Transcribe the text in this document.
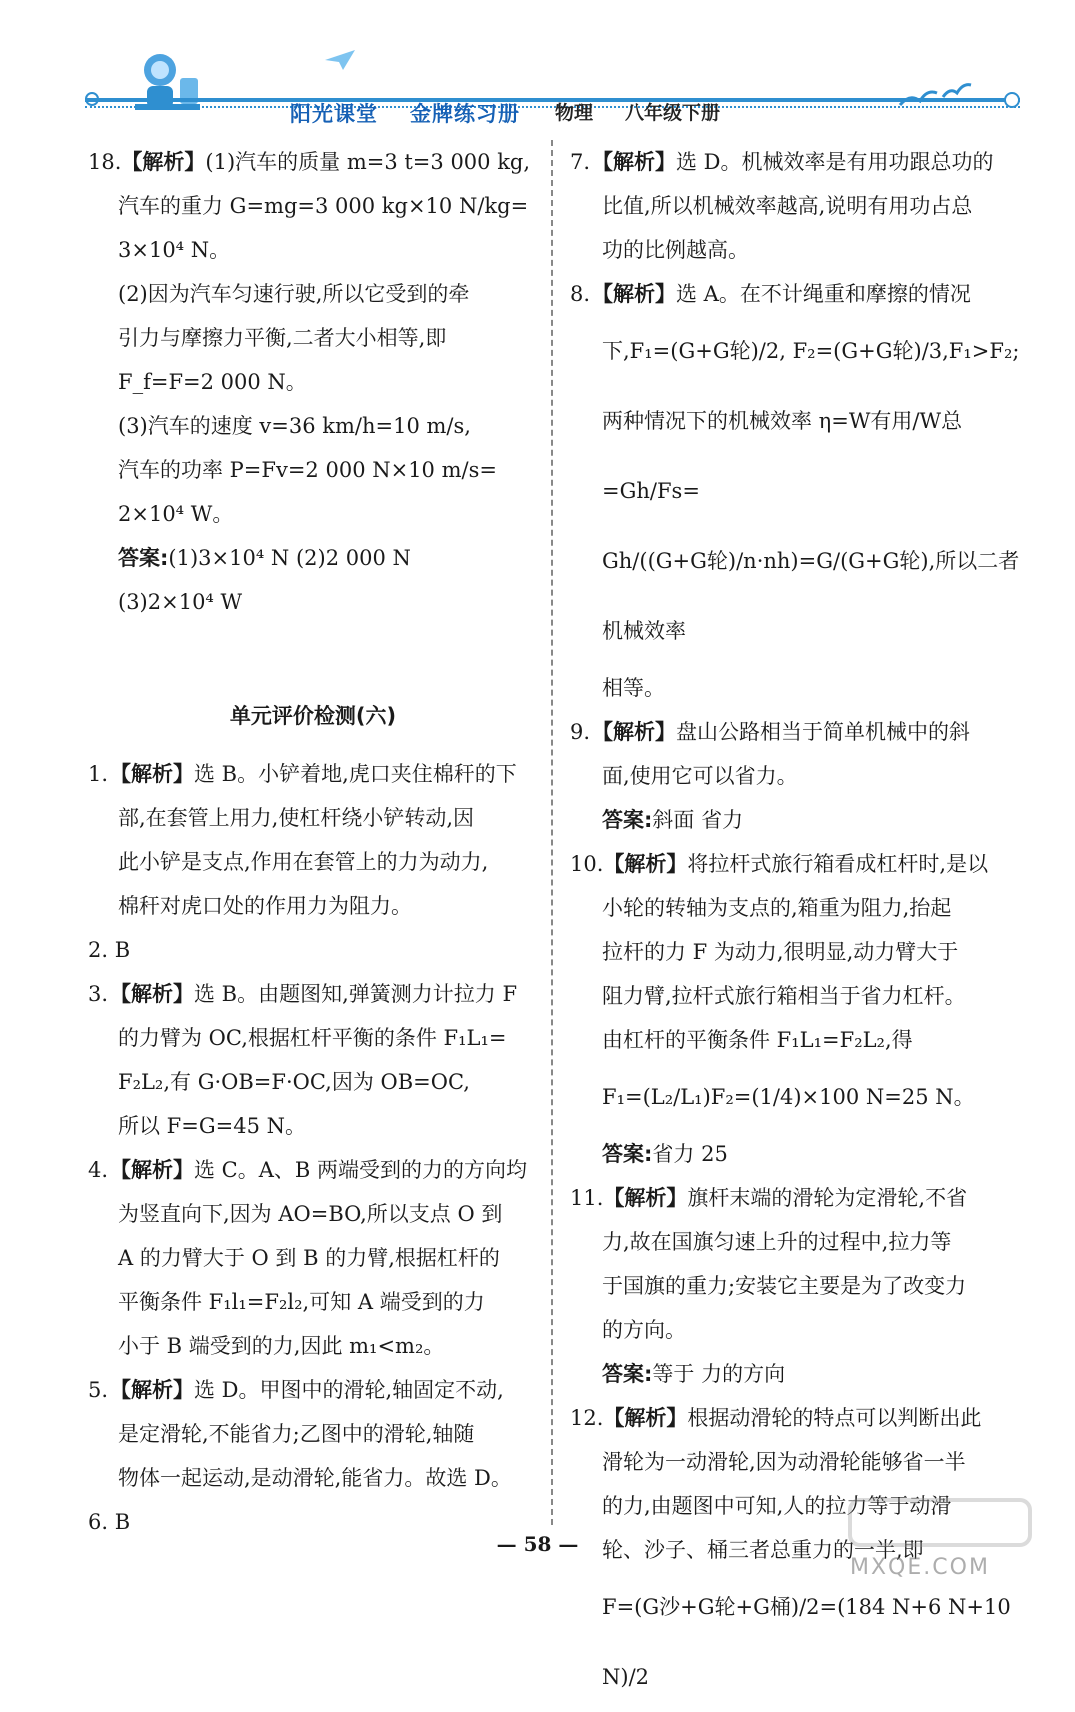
阳光课堂 金牌练习册 物理 八年级下册
18.【解析】(1)汽车的质量 m=3 t=3 000 kg,
汽车的重力 G=mg=3 000 kg×10 N/kg=
3×10⁴ N。
(2)因为汽车匀速行驶,所以它受到的牵
引力与摩擦力平衡,二者大小相等,即
F_f=F=2 000 N。
(3)汽车的速度 v=36 km/h=10 m/s,
汽车的功率 P=Fv=2 000 N×10 m/s=
2×10⁴ W。
答案:(1)3×10⁴ N (2)2 000 N
(3)2×10⁴ W
单元评价检测(六)
1.【解析】选 B。小铲着地,虎口夹住棉秆的下
部,在套管上用力,使杠杆绕小铲转动,因
此小铲是支点,作用在套管上的力为动力,
棉秆对虎口处的作用力为阻力。
2. B
3.【解析】选 B。由题图知,弹簧测力计拉力 F
的力臂为 OC,根据杠杆平衡的条件 F₁L₁=
F₂L₂,有 G·OB=F·OC,因为 OB=OC,
所以 F=G=45 N。
4.【解析】选 C。A、B 两端受到的力的方向均
为竖直向下,因为 AO=BO,所以支点 O 到
A 的力臂大于 O 到 B 的力臂,根据杠杆的
平衡条件 F₁l₁=F₂l₂,可知 A 端受到的力
小于 B 端受到的力,因此 m₁<m₂。
5.【解析】选 D。甲图中的滑轮,轴固定不动,
是定滑轮,不能省力;乙图中的滑轮,轴随
物体一起运动,是动滑轮,能省力。故选 D。
6. B
7.【解析】选 D。机械效率是有用功跟总功的
比值,所以机械效率越高,说明有用功占总
功的比例越高。
8.【解析】选 A。在不计绳重和摩擦的情况
下,F₁=(G+G轮)/2, F₂=(G+G轮)/3,F₁>F₂;
两种情况下的机械效率 η=W有用/W总=Gh/Fs=
Gh/((G+G轮)/n·nh)=G/(G+G轮),所以二者机械效率
相等。
9.【解析】盘山公路相当于简单机械中的斜
面,使用它可以省力。
答案:斜面 省力
10.【解析】将拉杆式旅行箱看成杠杆时,是以
小轮的转轴为支点的,箱重为阻力,抬起
拉杆的力 F 为动力,很明显,动力臂大于
阻力臂,拉杆式旅行箱相当于省力杠杆。
由杠杆的平衡条件 F₁L₁=F₂L₂,得
F₁=(L₂/L₁)F₂=(1/4)×100 N=25 N。
答案:省力 25
11.【解析】旗杆末端的滑轮为定滑轮,不省
力,故在国旗匀速上升的过程中,拉力等
于国旗的重力;安装它主要是为了改变力
的方向。
答案:等于 力的方向
12.【解析】根据动滑轮的特点可以判断出此
滑轮为一动滑轮,因为动滑轮能够省一半
的力,由题图中可知,人的拉力等于动滑
轮、沙子、桶三者总重力的一半,即
F=(G沙+G轮+G桶)/2=(184 N+6 N+10 N)/2
— 58 —
MXQE.COM
